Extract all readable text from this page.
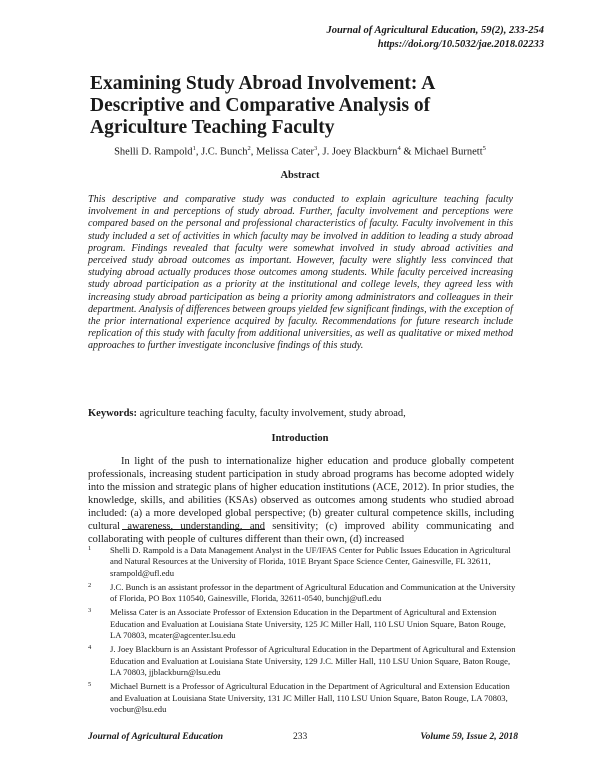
Journal of Agricultural Education, 59(2), 233-254
https://doi.org/10.5032/jae.2018.02233
Examining Study Abroad Involvement: A Descriptive and Comparative Analysis of Agriculture Teaching Faculty
Shelli D. Rampold$^1$, J.C. Bunch$^2$, Melissa Cater$^3$, J. Joey Blackburn$^4$ & Michael Burnett$^5$
Abstract

This descriptive and comparative study was conducted to explain agriculture teaching faculty involvement in and perceptions of study abroad. Further, faculty involvement and perceptions were compared based on the personal and professional characteristics of faculty. Faculty involvement in this study included a set of activities in which faculty may be involved in addition to leading a study abroad program. Findings revealed that faculty were somewhat involved in study abroad activities and perceived study abroad outcomes as important. However, faculty were slightly less convinced that studying abroad actually produces those outcomes among students. While faculty perceived increasing study abroad participation as a priority at the institutional and college levels, they agreed less with increasing study abroad participation as being a priority among administrators and colleagues in their department. Analysis of differences between groups yielded few significant findings, with the exception of the prior international experience acquired by faculty. Recommendations for future research include replication of this study with faculty from additional universities, as well as qualitative or mixed method approaches to further investigate inconclusive findings of this study.

Keywords: agriculture teaching faculty, faculty involvement, study abroad,
Introduction

In light of the push to internationalize higher education and produce globally competent professionals, increasing student participation in study abroad programs has become adopted widely into the mission and strategic plans of higher education institutions (ACE, 2012). In prior studies, the knowledge, skills, and abilities (KSAs) observed as outcomes among students who studied abroad included: (a) a more developed global perspective; (b) greater cultural competence skills, including cultural awareness, understanding, and sensitivity; (c) improved ability communicating and collaborating with people of cultures different than their own, (d) increased

1 Shelli D. Rampold is a Data Management Analyst in the UF/IFAS Center for Public Issues Education in Agricultural and Natural Resources at the University of Florida, 101E Bryant Space Science Center, Gainesville, FL 32611, srampold@ufl.edu
2 J.C. Bunch is an assistant professor in the department of Agricultural Education and Communication at the University of Florida, PO Box 110540, Gainesville, Florida, 32611-0540, bunchj@ufl.edu
3 Melissa Cater is an Associate Professor of Extension Education in the Department of Agricultural and Extension Education and Evaluation at Louisiana State University, 125 JC Miller Hall, 110 LSU Union Square, Baton Rouge, LA 70803, mcater@agcenter.lsu.edu
4 J. Joey Blackburn is an Assistant Professor of Agricultural Education in the Department of Agricultural and Extension Education and Evaluation at Louisiana State University, 129 J.C. Miller Hall, 110 LSU Union Square, Baton Rouge, LA 70803, jjblackburn@lsu.edu
5 Michael Burnett is a Professor of Agricultural Education in the Department of Agricultural and Extension Education and Evaluation at Louisiana State University, 131 JC Miller Hall, 110 LSU Union Square, Baton Rouge, LA 70803, vocbur@lsu.edu
Journal of Agricultural Education	233	Volume 59, Issue 2, 2018
